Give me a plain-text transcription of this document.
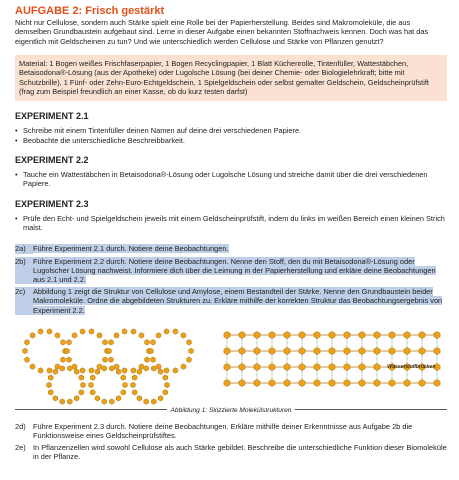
AUFGABE 2: Frisch gestärkt

Nicht nur Cellulose, sondern auch Stärke spielt eine Rolle bei der Papierherstellung. Beides sind Makromoleküle, die aus demselben Grundbaustein aufgebaut sind. Lerne in dieser Aufgabe einen bekannten Stoffnachweis kennen. Doch was hat das eigentlich mit Geldscheinen zu tun? Und wie unterschiedlich werden Cellulose und Stärke von Pflanzen genutzt?

Material: 1 Bogen weißes Frischfaserpapier, 1 Bogen Recyclingpapier, 1 Blatt Küchenrolle, Tintenfüller, Wattestäbchen, Betaisodona®-Lösung (aus der Apotheke) oder Lugolsche Lösung (bei deiner Chemie- oder Biologielehrkraft; bitte mit Schutzbrille), 1 Fünf- oder Zehn-Euro-Echtgeldschein, 1 Spielgeldschein oder selbst gemalter Geldschein, Geldscheinprüfstift (frag zum Beispiel freundlich an einer Kasse, ob du kurz testen darfst)
EXPERIMENT 2.1
• Schreibe mit einem Tintenfüller deinen Namen auf deine drei verschiedenen Papiere.
• Beobachte die unterschiedliche Beschreibbarkeit.
EXPERIMENT 2.2
• Tauche ein Wattestäbchen in Betaisodona®-Lösung oder Lugolsche Lösung und streiche damit über die drei verschiedenen Papiere.
EXPERIMENT 2.3
• Prüfe den Echt- und Spielgeldschein jeweils mit einem Geldscheinprüfstift, indem du links im weißen Bereich einen kleinen Strich malst.
2a) Führe Experiment 2.1 durch. Notiere deine Beobachtungen.
2b) Führe Experiment 2.2 durch. Notiere deine Beobachtungen. Nenne den Stoff, den du mit Betaisodona®-Lösung oder Lugolscher Lösung nachweist. Informiere dich über die Leimung in der Papierherstellung und erkläre deine Beobachtungen aus 2.1 und 2.2.
2c)	Abbildung 1 zeigt die Struktur von Cellulose und Amylose, einem Bestandteil der Stärke. Nenne den Grundbaustein beider Makromoleküle. Ordne die abgebildeten Strukturen zu. Erkläre mithilfe der korrekten Struktur das Beobachtungsergebnis von Experiment 2.2.
Wasserstoffbrücken
Abbildung 1: Skizzierte Molekülstrukturen
2d) Führe Experiment 2.3 durch. Notiere deine Beobachtungen. Erkläre mithilfe deiner Erkenntnisse aus Aufgabe 2b die Funktionsweise eines Geldscheinprüfstiftes.
2e) In Pflanzenzellen wird sowohl Cellulose als auch Stärke gebildet. Beschreibe die unterschiedliche Funktion dieser Biomoleküle in der Pflanze.
